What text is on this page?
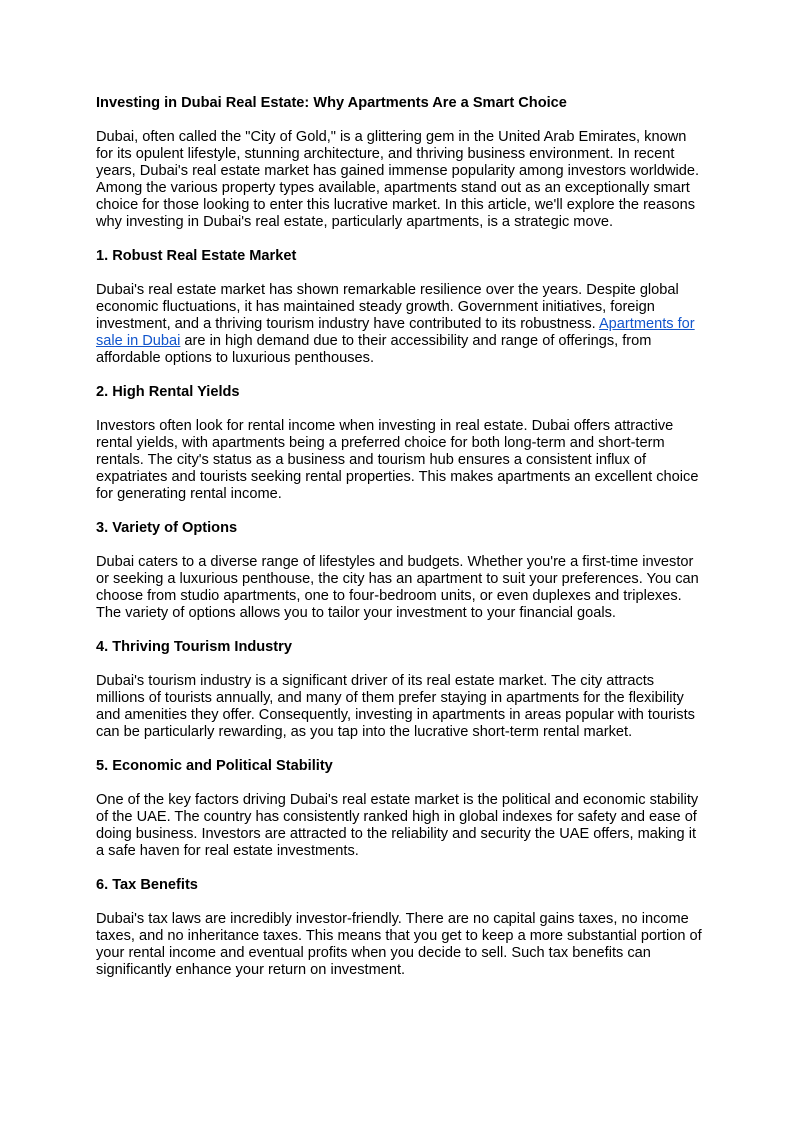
Investing in Dubai Real Estate: Why Apartments Are a Smart Choice

Dubai, often called the "City of Gold," is a glittering gem in the United Arab Emirates, known for its opulent lifestyle, stunning architecture, and thriving business environment. In recent years, Dubai's real estate market has gained immense popularity among investors worldwide. Among the various property types available, apartments stand out as an exceptionally smart choice for those looking to enter this lucrative market. In this article, we'll explore the reasons why investing in Dubai's real estate, particularly apartments, is a strategic move.

1. Robust Real Estate Market

Dubai's real estate market has shown remarkable resilience over the years. Despite global economic fluctuations, it has maintained steady growth. Government initiatives, foreign investment, and a thriving tourism industry have contributed to its robustness. Apartments for sale in Dubai are in high demand due to their accessibility and range of offerings, from affordable options to luxurious penthouses.

2. High Rental Yields

Investors often look for rental income when investing in real estate. Dubai offers attractive rental yields, with apartments being a preferred choice for both long-term and short-term rentals. The city's status as a business and tourism hub ensures a consistent influx of expatriates and tourists seeking rental properties. This makes apartments an excellent choice for generating rental income.

3. Variety of Options

Dubai caters to a diverse range of lifestyles and budgets. Whether you're a first-time investor or seeking a luxurious penthouse, the city has an apartment to suit your preferences. You can choose from studio apartments, one to four-bedroom units, or even duplexes and triplexes. The variety of options allows you to tailor your investment to your financial goals.

4. Thriving Tourism Industry

Dubai's tourism industry is a significant driver of its real estate market. The city attracts millions of tourists annually, and many of them prefer staying in apartments for the flexibility and amenities they offer. Consequently, investing in apartments in areas popular with tourists can be particularly rewarding, as you tap into the lucrative short-term rental market.

5. Economic and Political Stability

One of the key factors driving Dubai's real estate market is the political and economic stability of the UAE. The country has consistently ranked high in global indexes for safety and ease of doing business. Investors are attracted to the reliability and security the UAE offers, making it a safe haven for real estate investments.

6. Tax Benefits

Dubai's tax laws are incredibly investor-friendly. There are no capital gains taxes, no income taxes, and no inheritance taxes. This means that you get to keep a more substantial portion of your rental income and eventual profits when you decide to sell. Such tax benefits can significantly enhance your return on investment.
